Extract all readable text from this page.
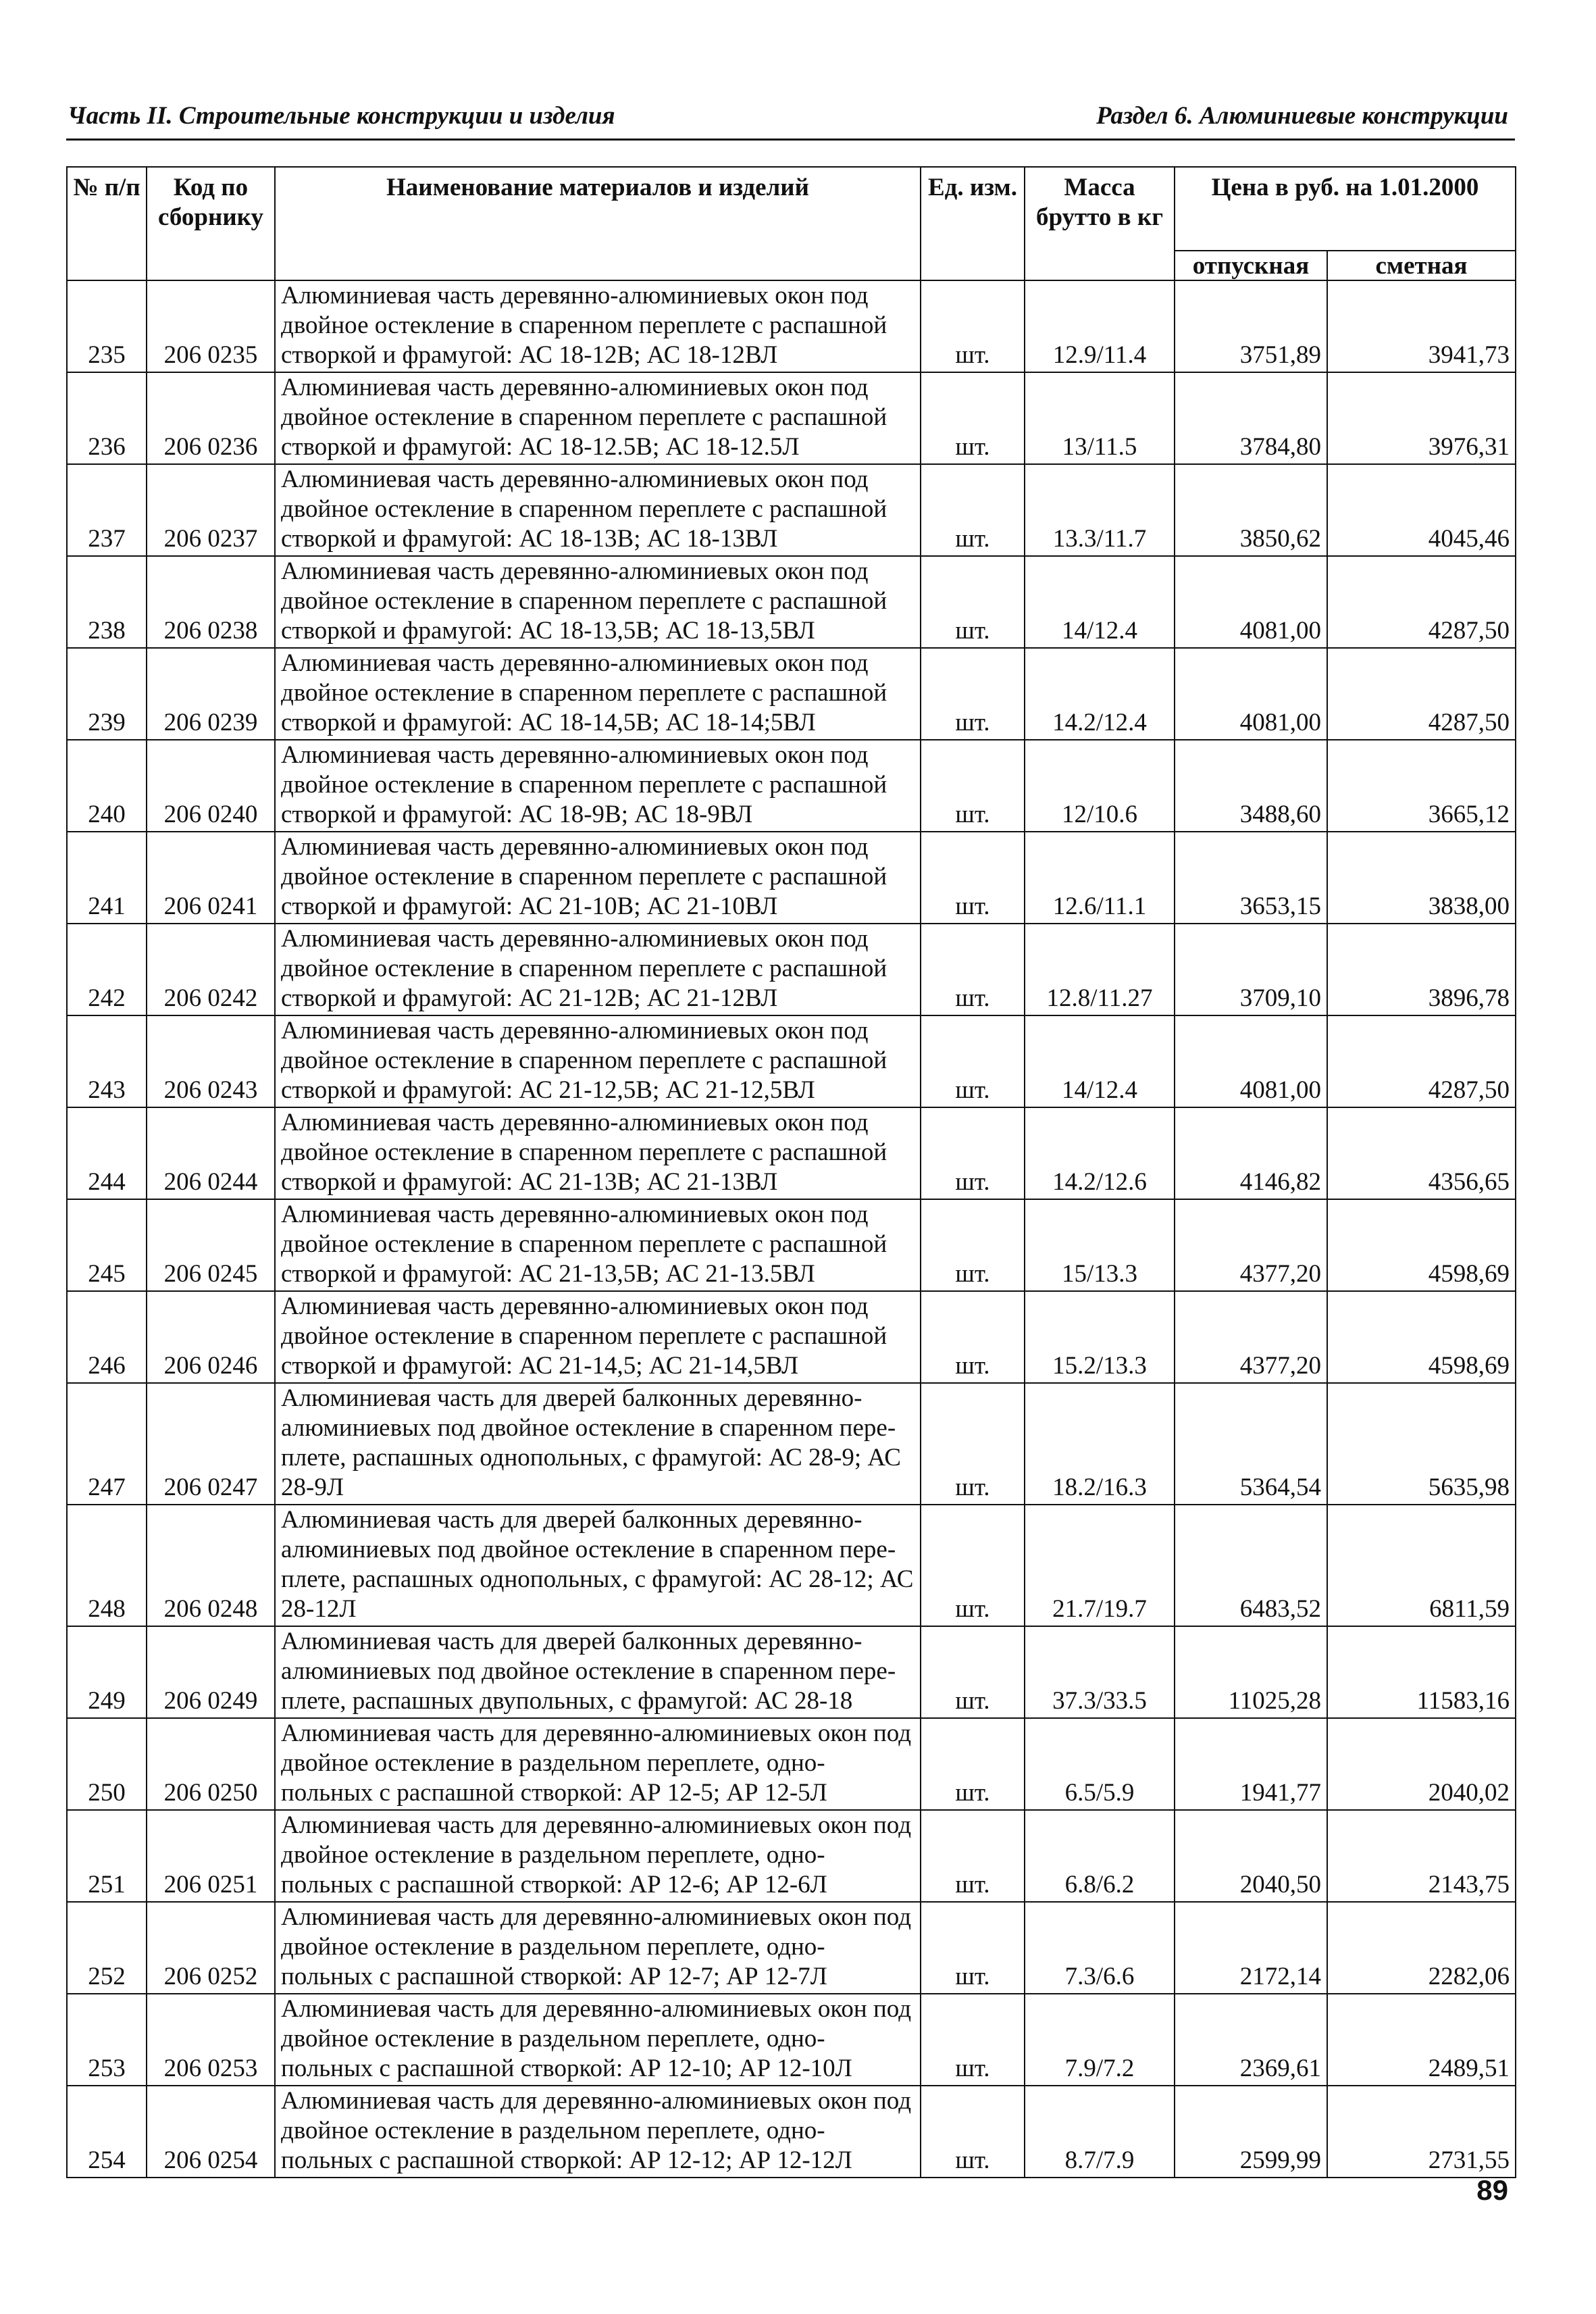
Часть II. Строительные конструкции и изделия	Раздел 6. Алюминиевые конструкции
№ п/п	Код по сборнику	Наименование материалов и изделий	Ед. изм.	Масса брутто в кг	Цена в руб. на 1.01.2000	
					отпускная	сметная
235	206 0235	Алюминиевая часть деревянно-алюминиевых окон под двойное остекление в спаренном переплете с распашной створкой и фрамугой: АС 18-12В; АС 18-12ВЛ	шт.	12.9/11.4	3751,89	3941,73
236	206 0236	Алюминиевая часть деревянно-алюминиевых окон под двойное остекление в спаренном переплете с распашной створкой и фрамугой: АС 18-12.5В; АС 18-12.5Л	шт.	13/11.5	3784,80	3976,31
237	206 0237	Алюминиевая часть деревянно-алюминиевых окон под двойное остекление в спаренном переплете с распашной створкой и фрамугой: АС 18-13В; АС 18-13ВЛ	шт.	13.3/11.7	3850,62	4045,46
238	206 0238	Алюминиевая часть деревянно-алюминиевых окон под двойное остекление в спаренном переплете с распашной створкой и фрамугой: АС 18-13,5В; АС 18-13,5ВЛ	шт.	14/12.4	4081,00	4287,50
239	206 0239	Алюминиевая часть деревянно-алюминиевых окон под двойное остекление в спаренном переплете с распашной створкой и фрамугой: АС 18-14,5В; АС 18-14;5ВЛ	шт.	14.2/12.4	4081,00	4287,50
240	206 0240	Алюминиевая часть деревянно-алюминиевых окон под двойное остекление в спаренном переплете с распашной створкой и фрамугой: АС 18-9В; АС 18-9ВЛ	шт.	12/10.6	3488,60	3665,12
241	206 0241	Алюминиевая часть деревянно-алюминиевых окон под двойное остекление в спаренном переплете с распашной створкой и фрамугой: АС 21-10В; АС 21-10ВЛ	шт.	12.6/11.1	3653,15	3838,00
242	206 0242	Алюминиевая часть деревянно-алюминиевых окон под двойное остекление в спаренном переплете с распашной створкой и фрамугой: АС 21-12В; АС 21-12ВЛ	шт.	12.8/11.27	3709,10	3896,78
243	206 0243	Алюминиевая часть деревянно-алюминиевых окон под двойное остекление в спаренном переплете с распашной створкой и фрамугой: АС 21-12,5В; АС 21-12,5ВЛ	шт.	14/12.4	4081,00	4287,50
244	206 0244	Алюминиевая часть деревянно-алюминиевых окон под двойное остекление в спаренном переплете с распашной створкой и фрамугой: АС 21-13В; АС 21-13ВЛ	шт.	14.2/12.6	4146,82	4356,65
245	206 0245	Алюминиевая часть деревянно-алюминиевых окон под двойное остекление в спаренном переплете с распашной створкой и фрамугой: АС 21-13,5В; АС 21-13.5ВЛ	шт.	15/13.3	4377,20	4598,69
246	206 0246	Алюминиевая часть деревянно-алюминиевых окон под двойное остекление в спаренном переплете с распашной створкой и фрамугой: АС 21-14,5; АС 21-14,5ВЛ	шт.	15.2/13.3	4377,20	4598,69
247	206 0247	Алюминиевая часть для дверей балконных деревянно-алюминиевых под двойное остекление в спаренном пере-плете, распашных однопольных, с фрамугой: АС 28-9; АС 28-9Л	шт.	18.2/16.3	5364,54	5635,98
248	206 0248	Алюминиевая часть для дверей балконных деревянно-алюминиевых под двойное остекление в спаренном пере-плете, распашных однопольных, с фрамугой: АС 28-12; АС 28-12Л	шт.	21.7/19.7	6483,52	6811,59
249	206 0249	Алюминиевая часть для дверей балконных деревянно-алюминиевых под двойное остекление в спаренном пере-плете, распашных двупольных, с фрамугой: АС 28-18	шт.	37.3/33.5	11025,28	11583,16
250	206 0250	Алюминиевая часть для деревянно-алюминиевых окон под двойное остекление в раздельном переплете, одно-польных с распашной створкой: АР 12-5; АР 12-5Л	шт.	6.5/5.9	1941,77	2040,02
251	206 0251	Алюминиевая часть для деревянно-алюминиевых окон под двойное остекление в раздельном переплете, одно-польных с распашной створкой: АР 12-6; АР 12-6Л	шт.	6.8/6.2	2040,50	2143,75
252	206 0252	Алюминиевая часть для деревянно-алюминиевых окон под двойное остекление в раздельном переплете, одно-польных с распашной створкой: АР 12-7; АР 12-7Л	шт.	7.3/6.6	2172,14	2282,06
253	206 0253	Алюминиевая часть для деревянно-алюминиевых окон под двойное остекление в раздельном переплете, одно-польных с распашной створкой: АР 12-10; АР 12-10Л	шт.	7.9/7.2	2369,61	2489,51
254	206 0254	Алюминиевая часть для деревянно-алюминиевых окон под двойное остекление в раздельном переплете, одно-польных с распашной створкой: АР 12-12; АР 12-12Л	шт.	8.7/7.9	2599,99	2731,55
89
